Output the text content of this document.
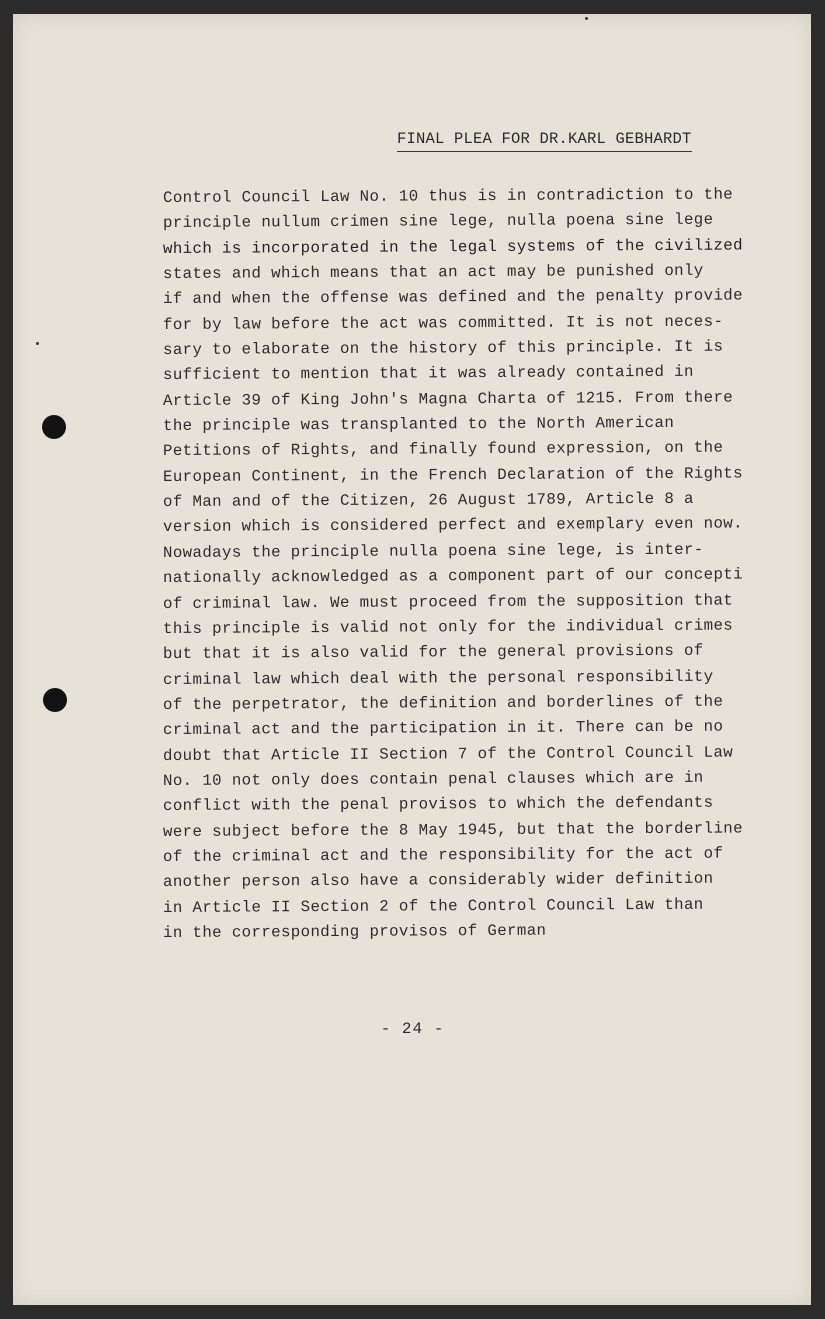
FINAL PLEA FOR DR.KARL GEBHARDT
Control Council Law No. 10 thus is in contradiction to the
principle nullum crimen sine lege, nulla poena sine lege
which is incorporated in the legal systems of the civilized
states and which means that an act may be punished only
if and when the offense was defined and the penalty provide
for by law before the act was committed. It is not neces-
sary to elaborate on the history of this principle. It is
sufficient to mention that it was already contained in
Article 39 of King John's Magna Charta of 1215. From there
the principle was transplanted to the North American
Petitions of Rights, and finally found expression, on the
European Continent, in the French Declaration of the Rights
of Man and of the Citizen, 26 August 1789, Article 8 a
version which is considered perfect and exemplary even now.
Nowadays the principle nulla poena sine lege, is inter-
nationally acknowledged as a component part of our concepti
of criminal law. We must proceed from the supposition that
this principle is valid not only for the individual crimes
but that it is also valid for the general provisions of
criminal law which deal with the personal responsibility
of the perpetrator, the definition and borderlines of the
criminal act and the participation in it. There can be no
doubt that Article II Section 7 of the Control Council Law
No. 10 not only does contain penal clauses which are in
conflict with the penal provisos to which the defendants
were subject before the 8 May 1945, but that the borderline
of the criminal act and the responsibility for the act of
another person also have a considerably wider definition
in Article II Section 2 of the Control Council Law than
in the corresponding provisos of German
- 24 -
